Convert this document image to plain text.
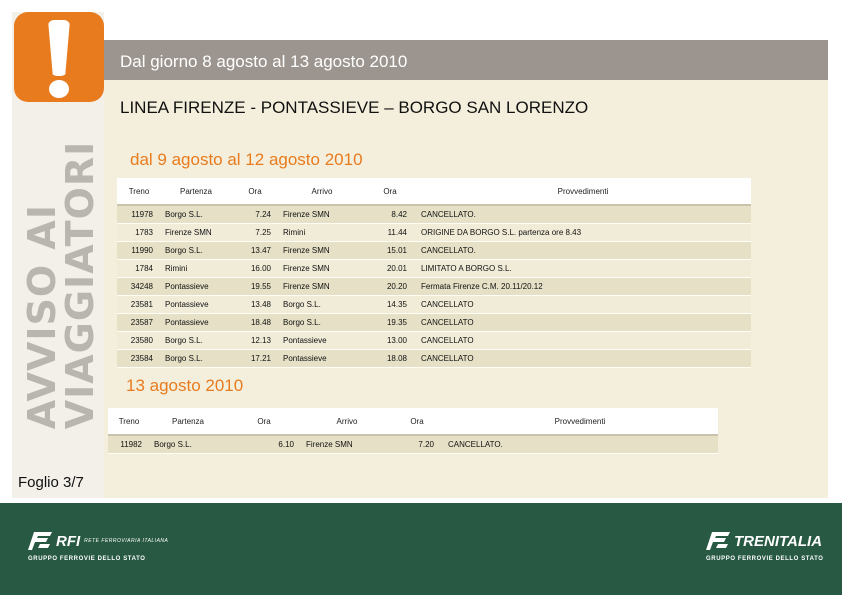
AVVISO AI
VIAGGIATORI
Foglio 3/7
Dal giorno 8 agosto al 13 agosto 2010
LINEA FIRENZE - PONTASSIEVE – BORGO SAN LORENZO
dal 9 agosto al 12 agosto 2010
Treno	Partenza	Ora	Arrivo	Ora	Provvedimenti
11978	Borgo S.L.	7.24	Firenze SMN	8.42	CANCELLATO.
1783	Firenze SMN	7.25	Rimini	11.44	ORIGINE DA BORGO S.L. partenza ore 8.43
11990	Borgo S.L.	13.47	Firenze SMN	15.01	CANCELLATO.
1784	Rimini	16.00	Firenze SMN	20.01	LIMITATO A BORGO S.L.
34248	Pontassieve	19.55	Firenze SMN	20.20	Fermata Firenze C.M. 20.11/20.12
23581	Pontassieve	13.48	Borgo S.L.	14.35	CANCELLATO
23587	Pontassieve	18.48	Borgo S.L.	19.35	CANCELLATO
23580	Borgo S.L.	12.13	Pontassieve	13.00	CANCELLATO
23584	Borgo S.L.	17.21	Pontassieve	18.08	CANCELLATO
13 agosto 2010
Treno	Partenza	Ora	Arrivo	Ora	Provvedimenti
11982	Borgo S.L.	6.10	Firenze SMN	7.20	CANCELLATO.
RFI RETE FERROVIARIA ITALIANA
GRUPPO FERROVIE DELLO STATO
TRENITALIA
GRUPPO FERROVIE DELLO STATO
